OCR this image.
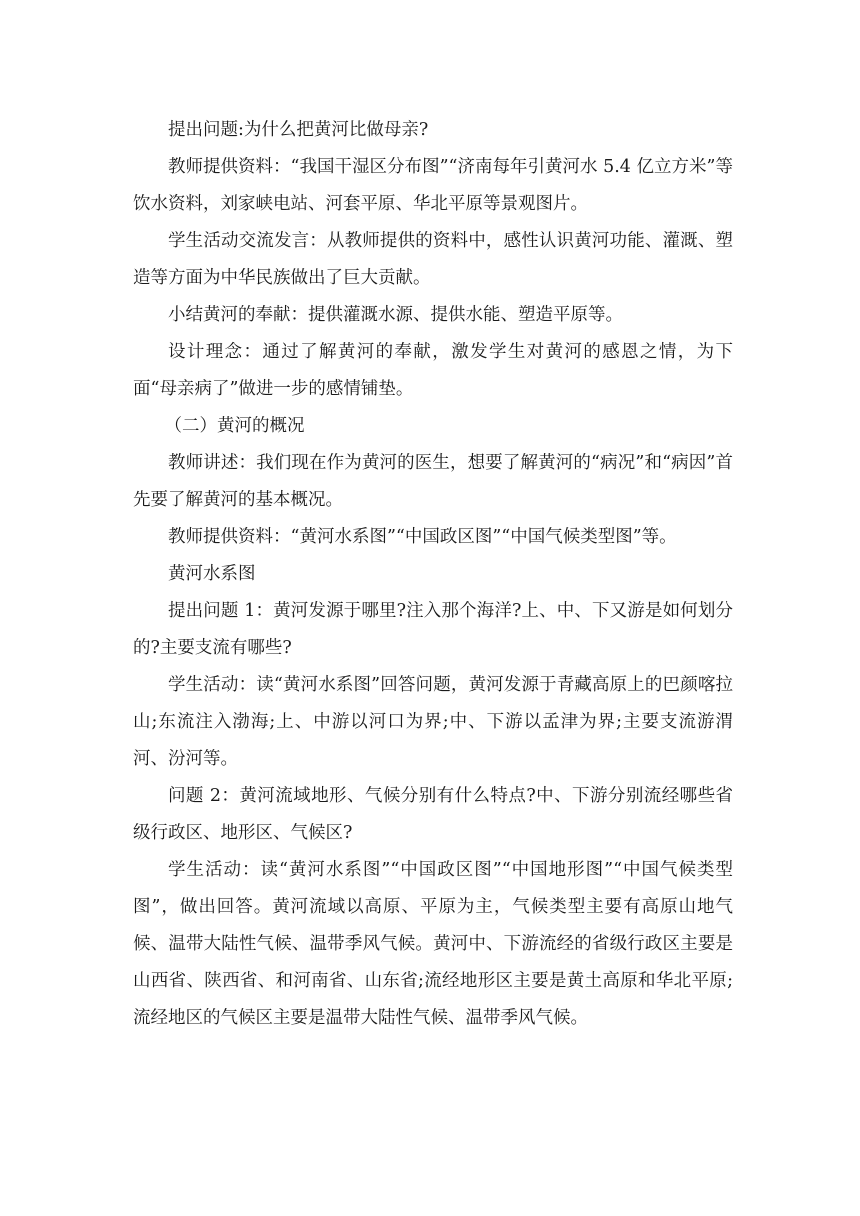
提出问题:为什么把黄河比做母亲?

教师提供资料：“我国干湿区分布图”“济南每年引黄河水 5.4 亿立方米”等饮水资料，刘家峡电站、河套平原、华北平原等景观图片。

学生活动交流发言：从教师提供的资料中，感性认识黄河功能、灌溉、塑造等方面为中华民族做出了巨大贡献。

小结黄河的奉献：提供灌溉水源、提供水能、塑造平原等。

设计理念：通过了解黄河的奉献，激发学生对黄河的感恩之情，为下面“母亲病了”做进一步的感情铺垫。

（二）黄河的概况

教师讲述：我们现在作为黄河的医生，想要了解黄河的“病况”和“病因”首先要了解黄河的基本概况。

教师提供资料：“黄河水系图”“中国政区图”“中国气候类型图”等。

黄河水系图

提出问题 1：黄河发源于哪里?注入那个海洋?上、中、下又游是如何划分的?主要支流有哪些?

学生活动：读“黄河水系图”回答问题，黄河发源于青藏高原上的巴颜喀拉山;东流注入渤海;上、中游以河口为界;中、下游以孟津为界;主要支流游渭河、汾河等。

问题 2：黄河流域地形、气候分别有什么特点?中、下游分别流经哪些省级行政区、地形区、气候区?

学生活动：读“黄河水系图”“中国政区图”“中国地形图”“中国气候类型图”，做出回答。黄河流域以高原、平原为主，气候类型主要有高原山地气候、温带大陆性气候、温带季风气候。黄河中、下游流经的省级行政区主要是山西省、陕西省、和河南省、山东省;流经地形区主要是黄土高原和华北平原;流经地区的气候区主要是温带大陆性气候、温带季风气候。
